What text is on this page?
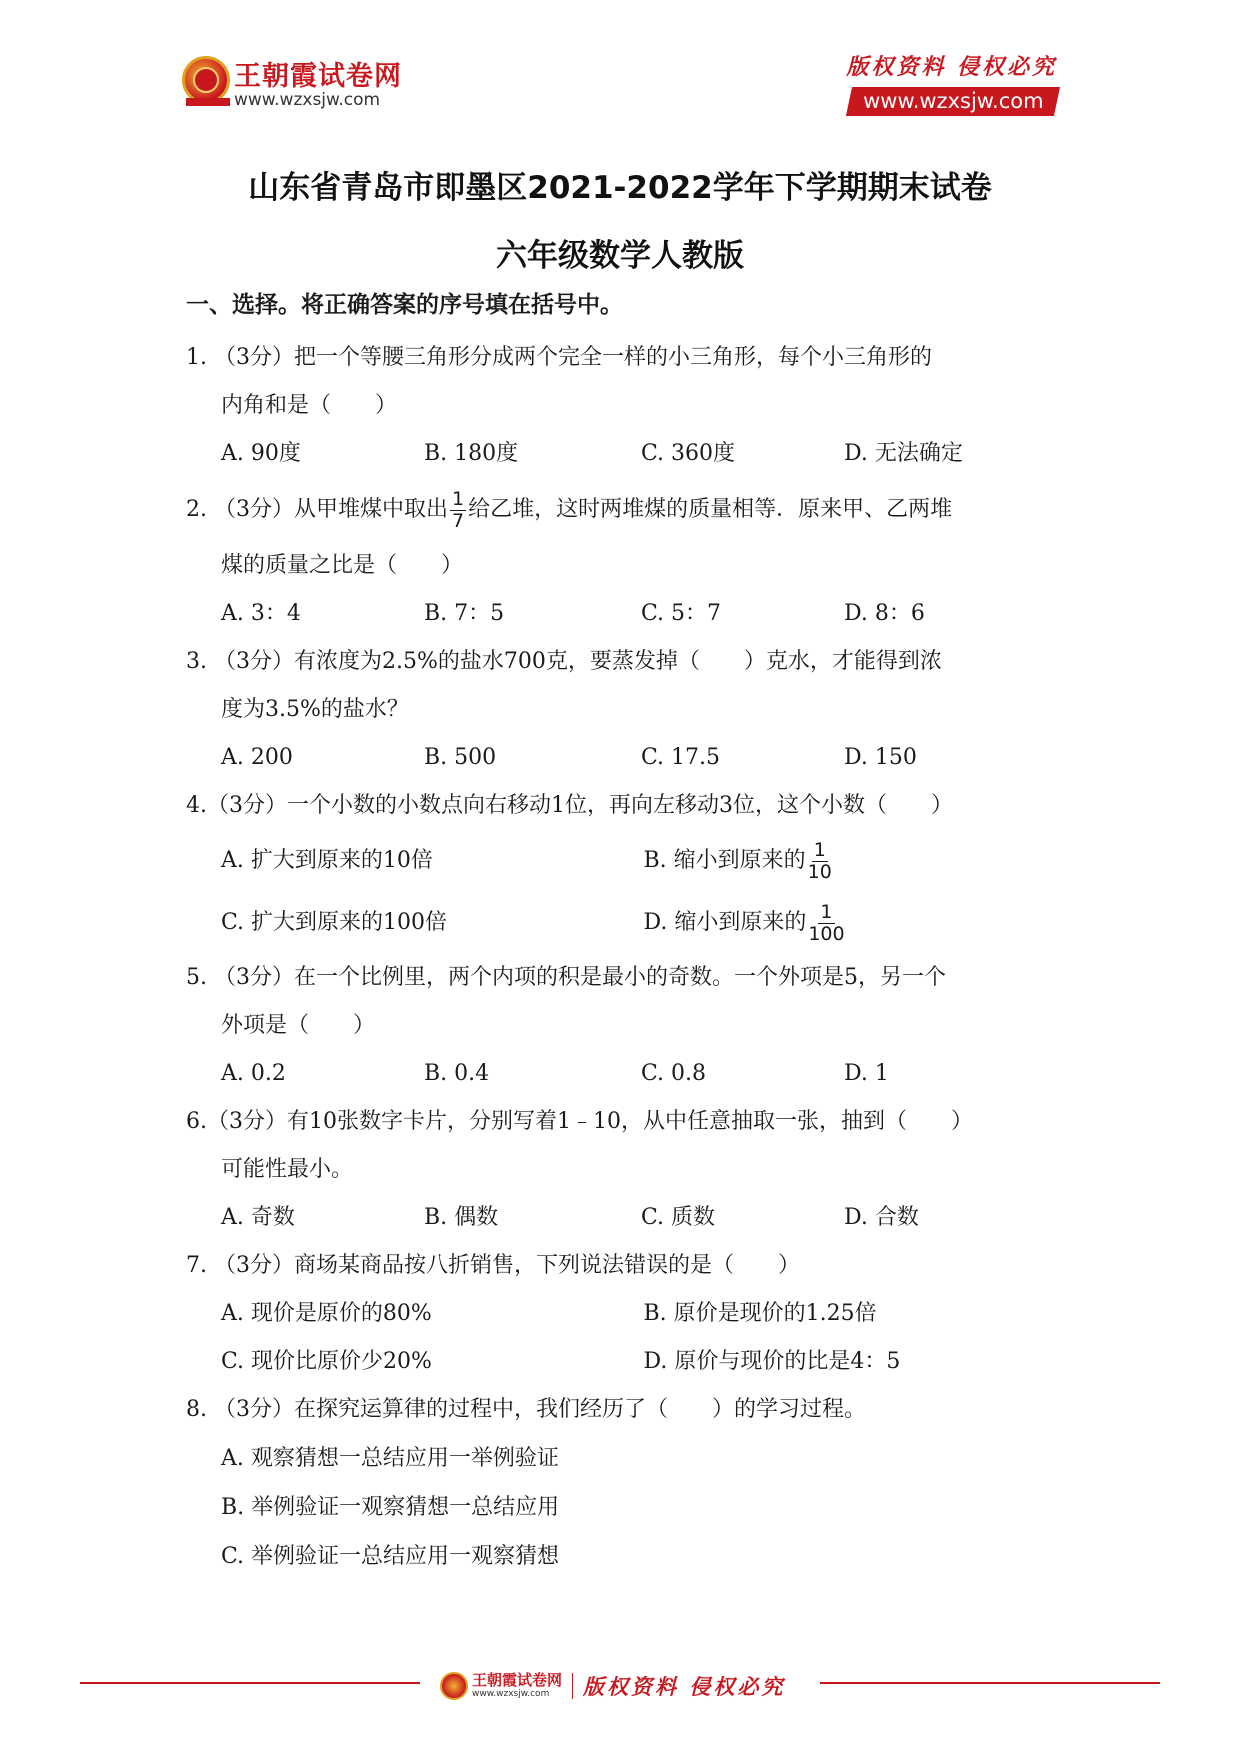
王朝霞试卷网
www.wzxsjw.com
版权资料 侵权必究
www.wzxsjw.com
山东省青岛市即墨区2021-2022学年下学期期末试卷
六年级数学人教版
一、选择。将正确答案的序号填在括号中。
1. （3分）把一个等腰三角形分成两个完全一样的小三角形，每个小三角形的
内角和是（　　）
A. 90度	B. 180度	C. 360度	D. 无法确定
2. （3分）从甲堆煤中取出 $\frac{1}{7}$ 给乙堆，这时两堆煤的质量相等．原来甲、乙两堆
煤的质量之比是（　　）
A. 3：4	B. 7：5	C. 5：7	D. 8：6
3. （3分）有浓度为2.5%的盐水700克，要蒸发掉（　　）克水，才能得到浓
度为3.5%的盐水？
A. 200	B. 500	C. 17.5	D. 150
4.（3分）一个小数的小数点向右移动1位，再向左移动3位，这个小数（　　）
A. 扩大到原来的10倍	B. 缩小到原来的 $\frac{1}{10}$
C. 扩大到原来的100倍	D. 缩小到原来的 $\frac{1}{100}$
5. （3分）在一个比例里，两个内项的积是最小的奇数。一个外项是5，另一个
外项是（　　）
A. 0.2	B. 0.4	C. 0.8	D. 1
6.（3分）有10张数字卡片，分别写着1﹣10，从中任意抽取一张，抽到（　　）
可能性最小。
A. 奇数	B. 偶数	C. 质数	D. 合数
7. （3分）商场某商品按八折销售，下列说法错误的是（　　）
A. 现价是原价的80%	B. 原价是现价的1.25倍
C. 现价比原价少20%	D. 原价与现价的比是4：5
8. （3分）在探究运算律的过程中，我们经历了（　　）的学习过程。
A. 观察猜想一总结应用一举例验证
B. 举例验证一观察猜想一总结应用
C. 举例验证一总结应用一观察猜想
王朝霞试卷网
www.wzxsjw.com	版权资料 侵权必究
